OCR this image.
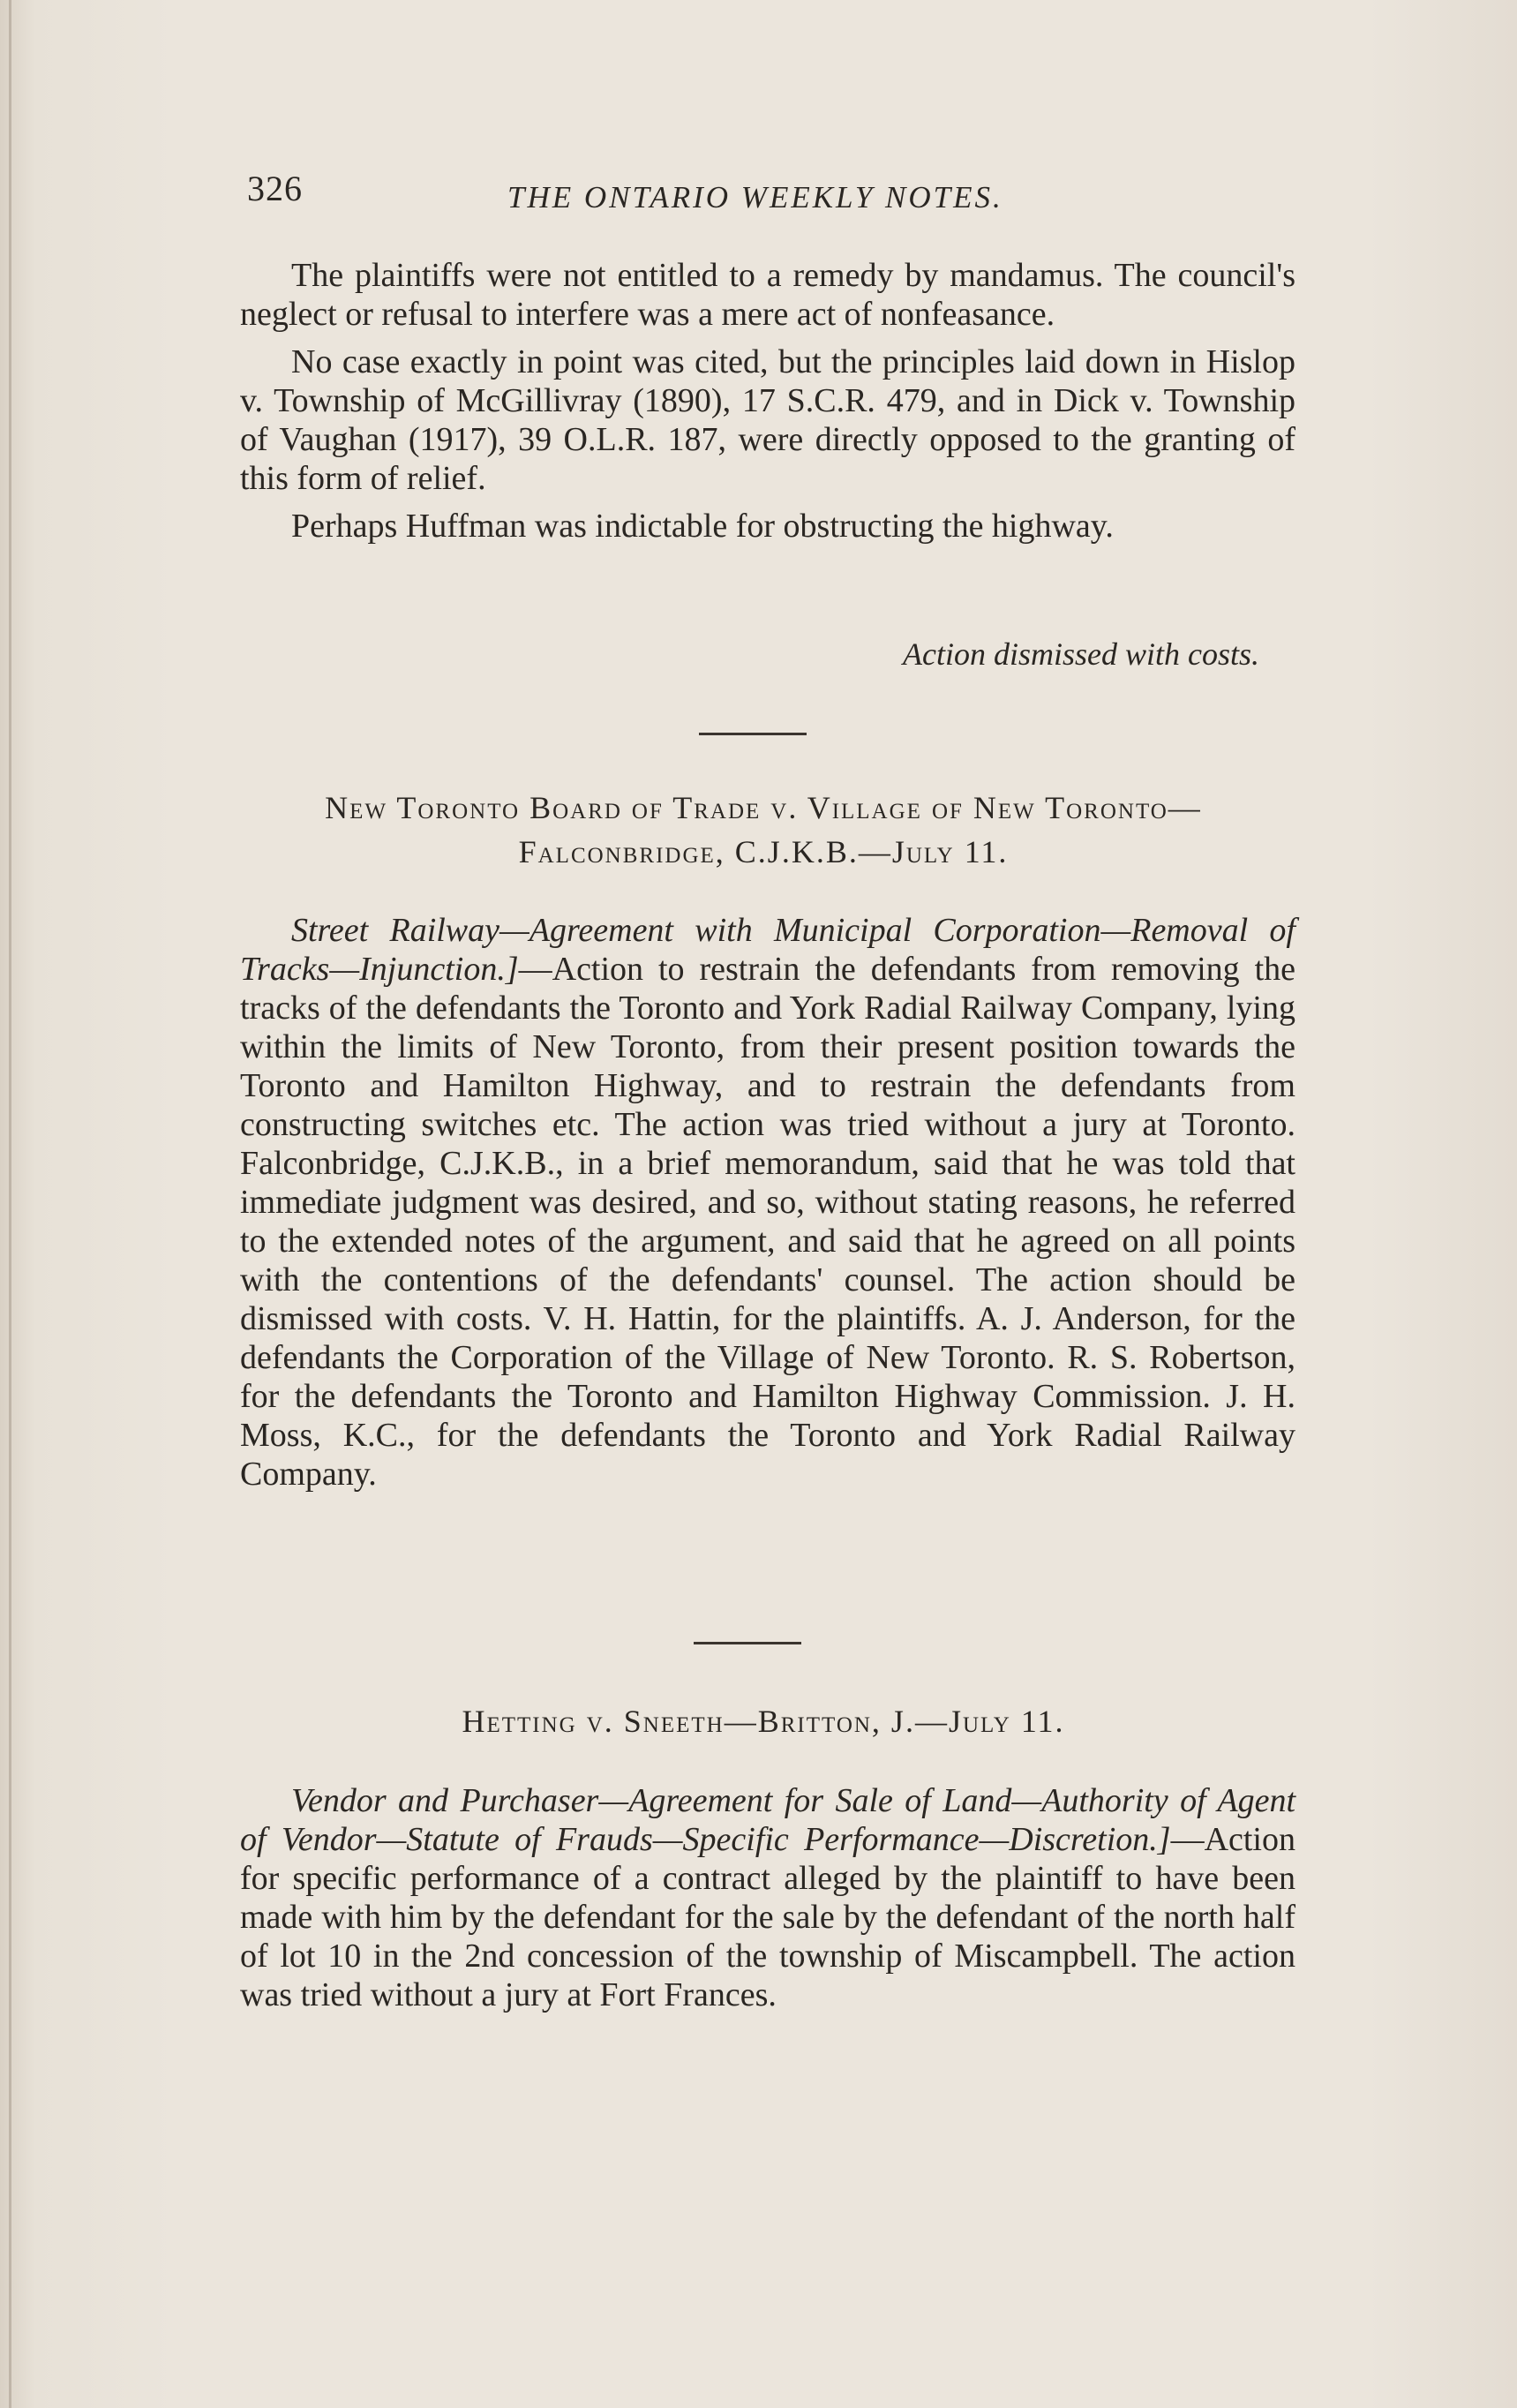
326	THE ONTARIO WEEKLY NOTES.

The plaintiffs were not entitled to a remedy by mandamus. The council's neglect or refusal to interfere was a mere act of nonfeasance.

No case exactly in point was cited, but the principles laid down in Hislop v. Township of McGillivray (1890), 17 S.C.R. 479, and in Dick v. Township of Vaughan (1917), 39 O.L.R. 187, were directly opposed to the granting of this form of relief.

Perhaps Huffman was indictable for obstructing the highway.

Action dismissed with costs.
New Toronto Board of Trade v. Village of New Toronto—
Falconbridge, C.J.K.B.—July 11.

Street Railway—Agreement with Municipal Corporation—Removal of Tracks—Injunction.]—Action to restrain the defendants from removing the tracks of the defendants the Toronto and York Radial Railway Company, lying within the limits of New Toronto, from their present position towards the Toronto and Hamilton Highway, and to restrain the defendants from constructing switches etc. The action was tried without a jury at Toronto. Falconbridge, C.J.K.B., in a brief memorandum, said that he was told that immediate judgment was desired, and so, without stating reasons, he referred to the extended notes of the argument, and said that he agreed on all points with the contentions of the defendants' counsel. The action should be dismissed with costs. V. H. Hattin, for the plaintiffs. A. J. Anderson, for the defendants the Corporation of the Village of New Toronto. R. S. Robertson, for the defendants the Toronto and Hamilton Highway Commission. J. H. Moss, K.C., for the defendants the Toronto and York Radial Railway Company.

Hetting v. Sneeth—Britton, J.—July 11.

Vendor and Purchaser—Agreement for Sale of Land—Authority of Agent of Vendor—Statute of Frauds—Specific Performance—Discretion.]—Action for specific performance of a contract alleged by the plaintiff to have been made with him by the defendant for the sale by the defendant of the north half of lot 10 in the 2nd concession of the township of Miscampbell. The action was tried without a jury at Fort Frances.
